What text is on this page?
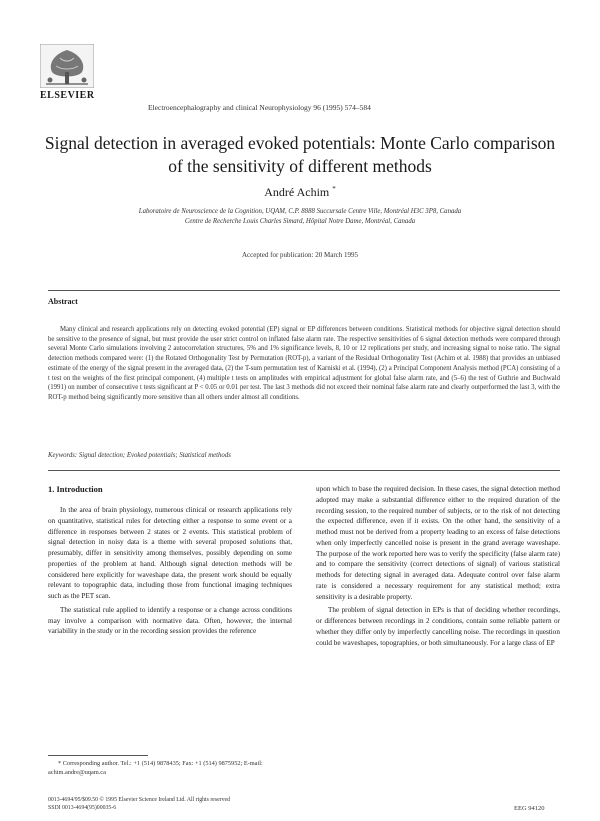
ELSEVIER
Electroencephalography and clinical Neurophysiology 96 (1995) 574–584
Signal detection in averaged evoked potentials: Monte Carlo comparison
of the sensitivity of different methods
André Achim *
Laboratoire de Neuroscience de la Cognition, UQAM, C.P. 8888 Succursale Centre Ville, Montréal H3C 3P8, Canada
Centre de Recherche Louis Charles Simard, Hôpital Notre Dame, Montréal, Canada
Accepted for publication: 20 March 1995
Abstract
Many clinical and research applications rely on detecting evoked potential (EP) signal or EP differences between conditions. Statistical methods for objective signal detection should be sensitive to the presence of signal, but must provide the user strict control on inflated false alarm rate. The respective sensitivities of 6 signal detection methods were compared through several Monte Carlo simulations involving 2 autocorrelation structures, 5% and 1% significance levels, 8, 10 or 12 replications per study, and increasing signal to noise ratio. The signal detection methods compared were: (1) the Rotated Orthogonality Test by Permutation (ROT-p), a variant of the Residual Orthogonality Test (Achim et al. 1988) that provides an unbiased estimate of the energy of the signal present in the averaged data, (2) the T-sum permutation test of Karniski et al. (1994), (2) a Principal Component Analysis method (PCA) consisting of a t test on the weights of the first principal component, (4) multiple t tests on amplitudes with empirical adjustment for global false alarm rate, and (5–6) the test of Guthrie and Buchwald (1991) on number of consecutive t tests significant at P < 0.05 or 0.01 per test. The last 3 methods did not exceed their nominal false alarm rate and clearly outperformed the last 3, with the ROT-p method being significantly more sensitive than all others under almost all conditions.
Keywords: Signal detection; Evoked potentials; Statistical methods
1. Introduction

In the area of brain physiology, numerous clinical or research applications rely on quantitative, statistical rules for detecting either a response to some event or a difference in responses between 2 states or 2 events. This statistical problem of signal detection in noisy data is a theme with several proposed solutions that, presumably, differ in sensitivity among themselves, possibly depending on some properties of the problem at hand. Although signal detection methods will be considered here explicitly for waveshape data, the present work should be equally relevant to topographic data, including those from functional imaging techniques such as the PET scan.

The statistical rule applied to identify a response or a change across conditions may involve a comparison with normative data. Often, however, the internal variability in the study or in the recording session provides the reference

upon which to base the required decision. In these cases, the signal detection method adopted may make a substantial difference either to the required duration of the recording session, to the required number of subjects, or to the risk of not detecting the expected difference, even if it exists. On the other hand, the sensitivity of a method must not be derived from a property leading to an excess of false detections when only imperfectly cancelled noise is present in the grand average waveshape. The purpose of the work reported here was to verify the specificity (false alarm rate) and to compare the sensitivity (correct detections of signal) of various statistical methods for detecting signal in averaged data. Adequate control over false alarm rate is considered a necessary requirement for any statistical method; extra sensitivity is a desirable property.

The problem of signal detection in EPs is that of deciding whether recordings, or differences between recordings in 2 conditions, contain some reliable pattern or whether they differ only by imperfectly cancelling noise. The recordings in question could be waveshapes, topographies, or both simultaneously. For a large class of EP

* Corresponding author. Tel.: +1 (514) 9878435; Fax: +1 (514) 9875952; E-mail: achim.andre@uqam.ca
0013-4694/95/$09.50 © 1995 Elsevier Science Ireland Ltd. All rights reserved
SSDI 0013-4694(95)00035-6	EEG 94120
